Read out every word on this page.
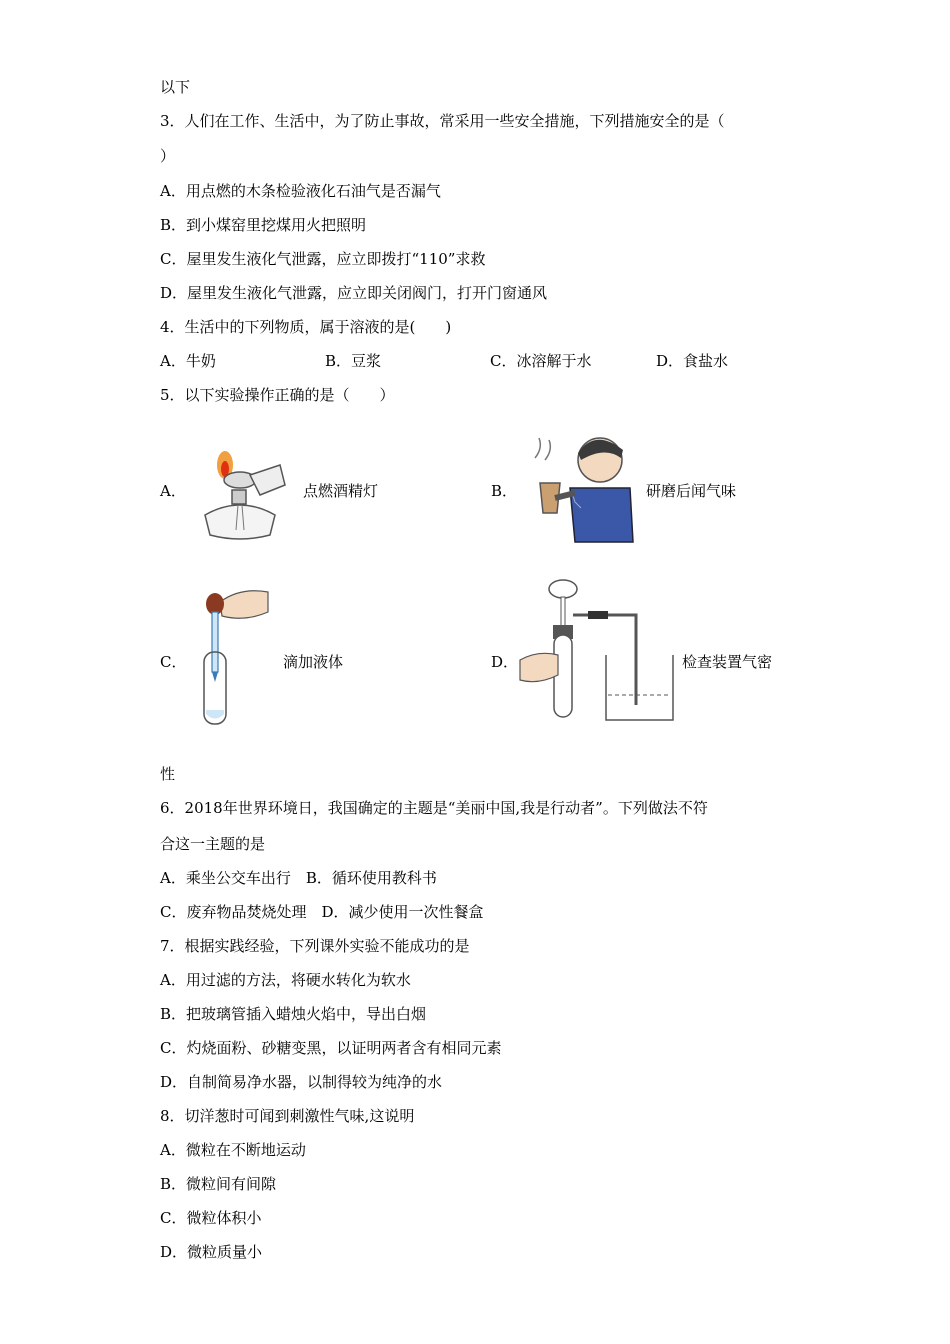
以下
3．人们在工作、生活中，为了防止事故，常采用一些安全措施，下列措施安全的是（
）
A．用点燃的木条检验液化石油气是否漏气
B．到小煤窑里挖煤用火把照明
C．屋里发生液化气泄露，应立即拨打“110”求救
D．屋里发生液化气泄露，应立即关闭阀门，打开门窗通风
4．生活中的下列物质，属于溶液的是(　　)
A．牛奶	B．豆浆	C．冰溶解于水	D．食盐水
5．以下实验操作正确的是（　　）
A．	点燃酒精灯	B．	研磨后闻气味
C．	滴加液体	D．	检查装置气密
性
6．2018年世界环境日，我国确定的主题是“美丽中国,我是行动者”。下列做法不符
合这一主题的是
A．乘坐公交车出行　B．循环使用教科书
C．废弃物品焚烧处理　D．减少使用一次性餐盒
7．根据实践经验，下列课外实验不能成功的是
A．用过滤的方法，将硬水转化为软水
B．把玻璃管插入蜡烛火焰中，导出白烟
C．灼烧面粉、砂糖变黑，以证明两者含有相同元素
D．自制简易净水器，以制得较为纯净的水
8．切洋葱时可闻到刺激性气味,这说明
A．微粒在不断地运动
B．微粒间有间隙
C．微粒体积小
D．微粒质量小
